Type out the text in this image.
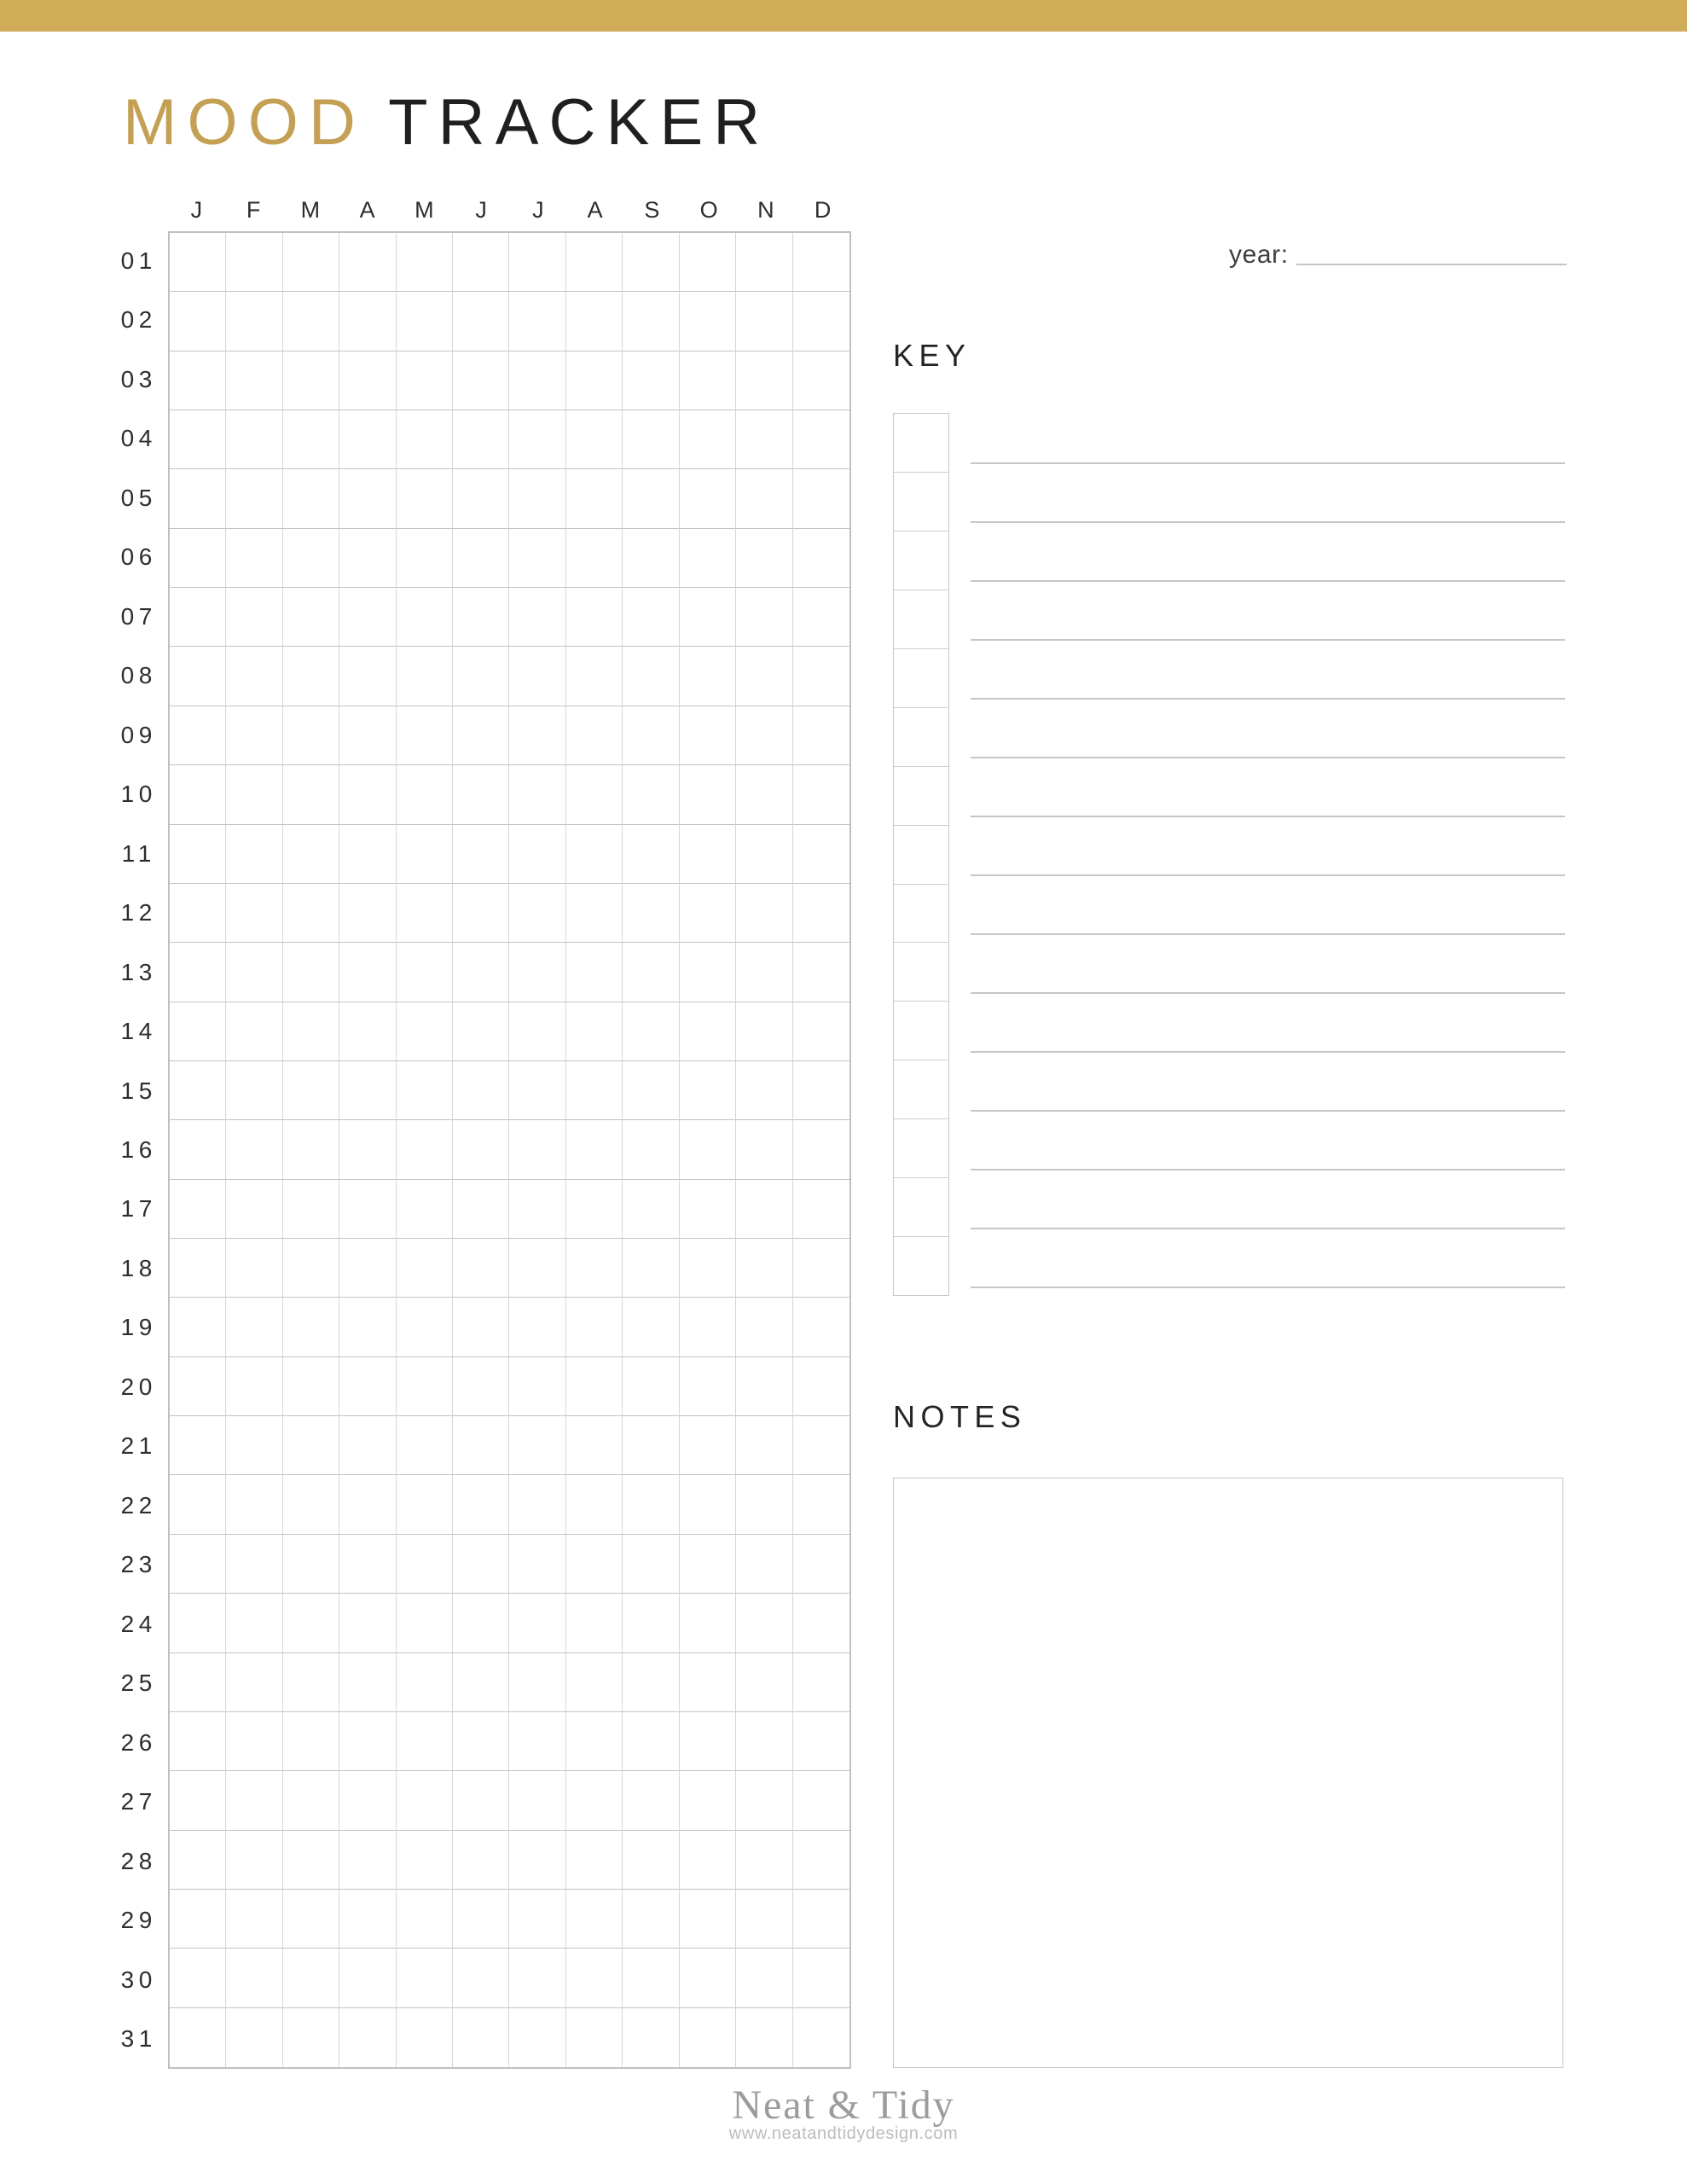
MOOD TRACKER
J	F	M	A	M	J	J	A	S	O	N	D
01
02
03
04
05
06
07
08
09
10
11
12
13
14
15
16
17
18
19
20
21
22
23
24
25
26
27
28
29
30
31
year:
KEY
NOTES
Neat & Tidy
www.neatandtidydesign.com
